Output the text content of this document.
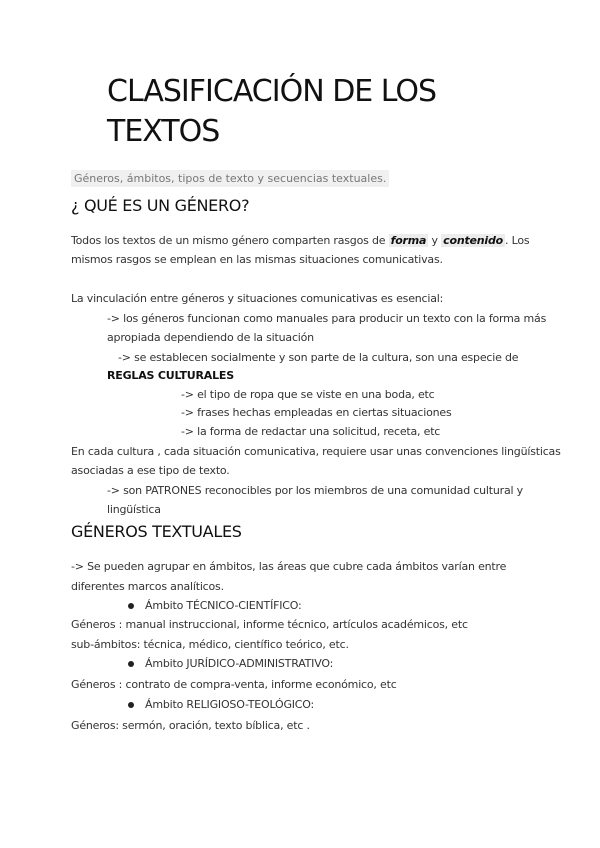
CLASIFICACIÓN DE LOS
TEXTOS
Géneros, ámbitos, tipos de texto y secuencias textuales.
¿ QUÉ ES UN GÉNERO?
Todos los textos de un mismo género comparten rasgos de forma y contenido . Los
mismos rasgos se emplean en las mismas situaciones comunicativas.
La vinculación entre géneros y situaciones comunicativas es esencial:
-> los géneros funcionan como manuales para producir un texto con la forma más
apropiada dependiendo de la situación
-> se establecen socialmente y son parte de la cultura, son una especie de
REGLAS CULTURALES
-> el tipo de ropa que se viste en una boda, etc
-> frases hechas empleadas en ciertas situaciones
-> la forma de redactar una solicitud, receta, etc
En cada cultura , cada situación comunicativa, requiere usar unas convenciones lingüísticas
asociadas a ese tipo de texto.
-> son PATRONES reconocibles por los miembros de una comunidad cultural y
lingüística
GÉNEROS TEXTUALES
-> Se pueden agrupar en ámbitos, las áreas que cubre cada ámbitos varían entre
diferentes marcos analíticos.
Ámbito TÉCNICO-CIENTÍFICO:
Géneros : manual instruccional, informe técnico, artículos académicos, etc
sub-ámbitos: técnica, médico, científico teórico, etc.
Ámbito JURÍDICO-ADMINISTRATIVO:
Géneros : contrato de compra-venta, informe económico, etc
Ámbito RELIGIOSO-TEOLÓGICO:
Géneros: sermón, oración, texto bíblica, etc .
